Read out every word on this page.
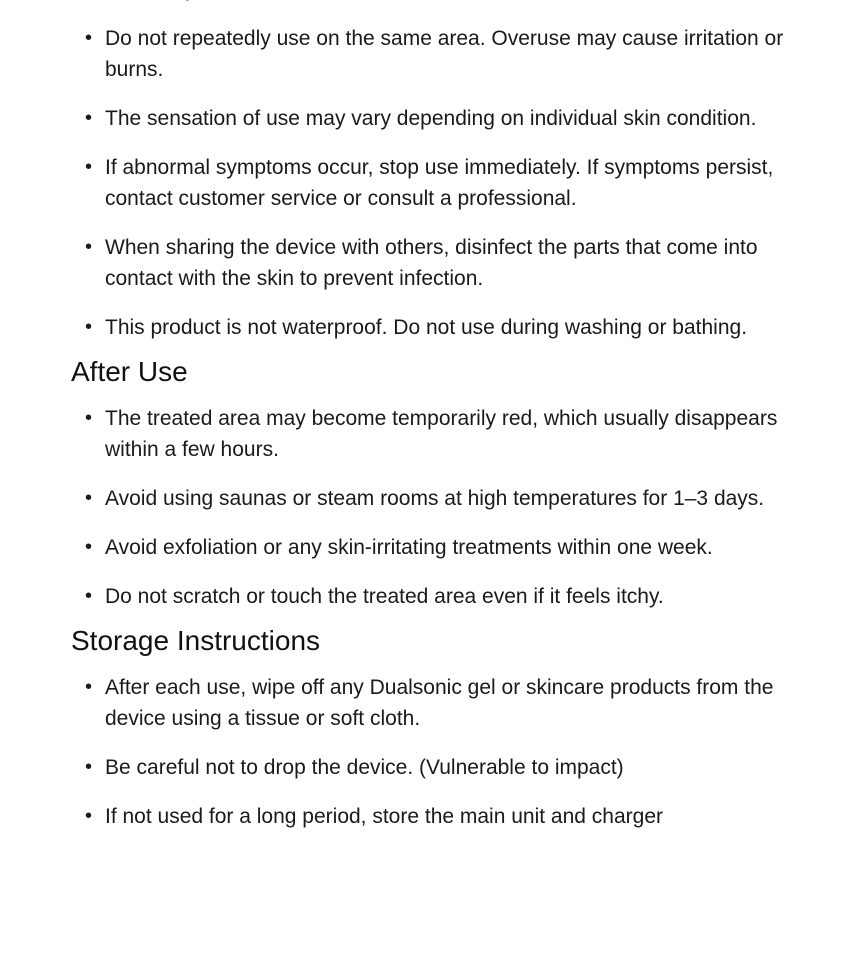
• Do not repeatedly use on the same area. Overuse may cause irritation or burns.
• The sensation of use may vary depending on individual skin condition.
• If abnormal symptoms occur, stop use immediately. If symptoms persist, contact customer service or consult a professional.
• When sharing the device with others, disinfect the parts that come into contact with the skin to prevent infection.
• This product is not waterproof. Do not use during washing or bathing.
After Use
• The treated area may become temporarily red, which usually disappears within a few hours.
• Avoid using saunas or steam rooms at high temperatures for 1–3 days.
• Avoid exfoliation or any skin-irritating treatments within one week.
• Do not scratch or touch the treated area even if it feels itchy.
Storage Instructions
• After each use, wipe off any Dualsonic gel or skincare products from the device using a tissue or soft cloth.
• Be careful not to drop the device. (Vulnerable to impact)
• If not used for a long period, store the main unit and charger
